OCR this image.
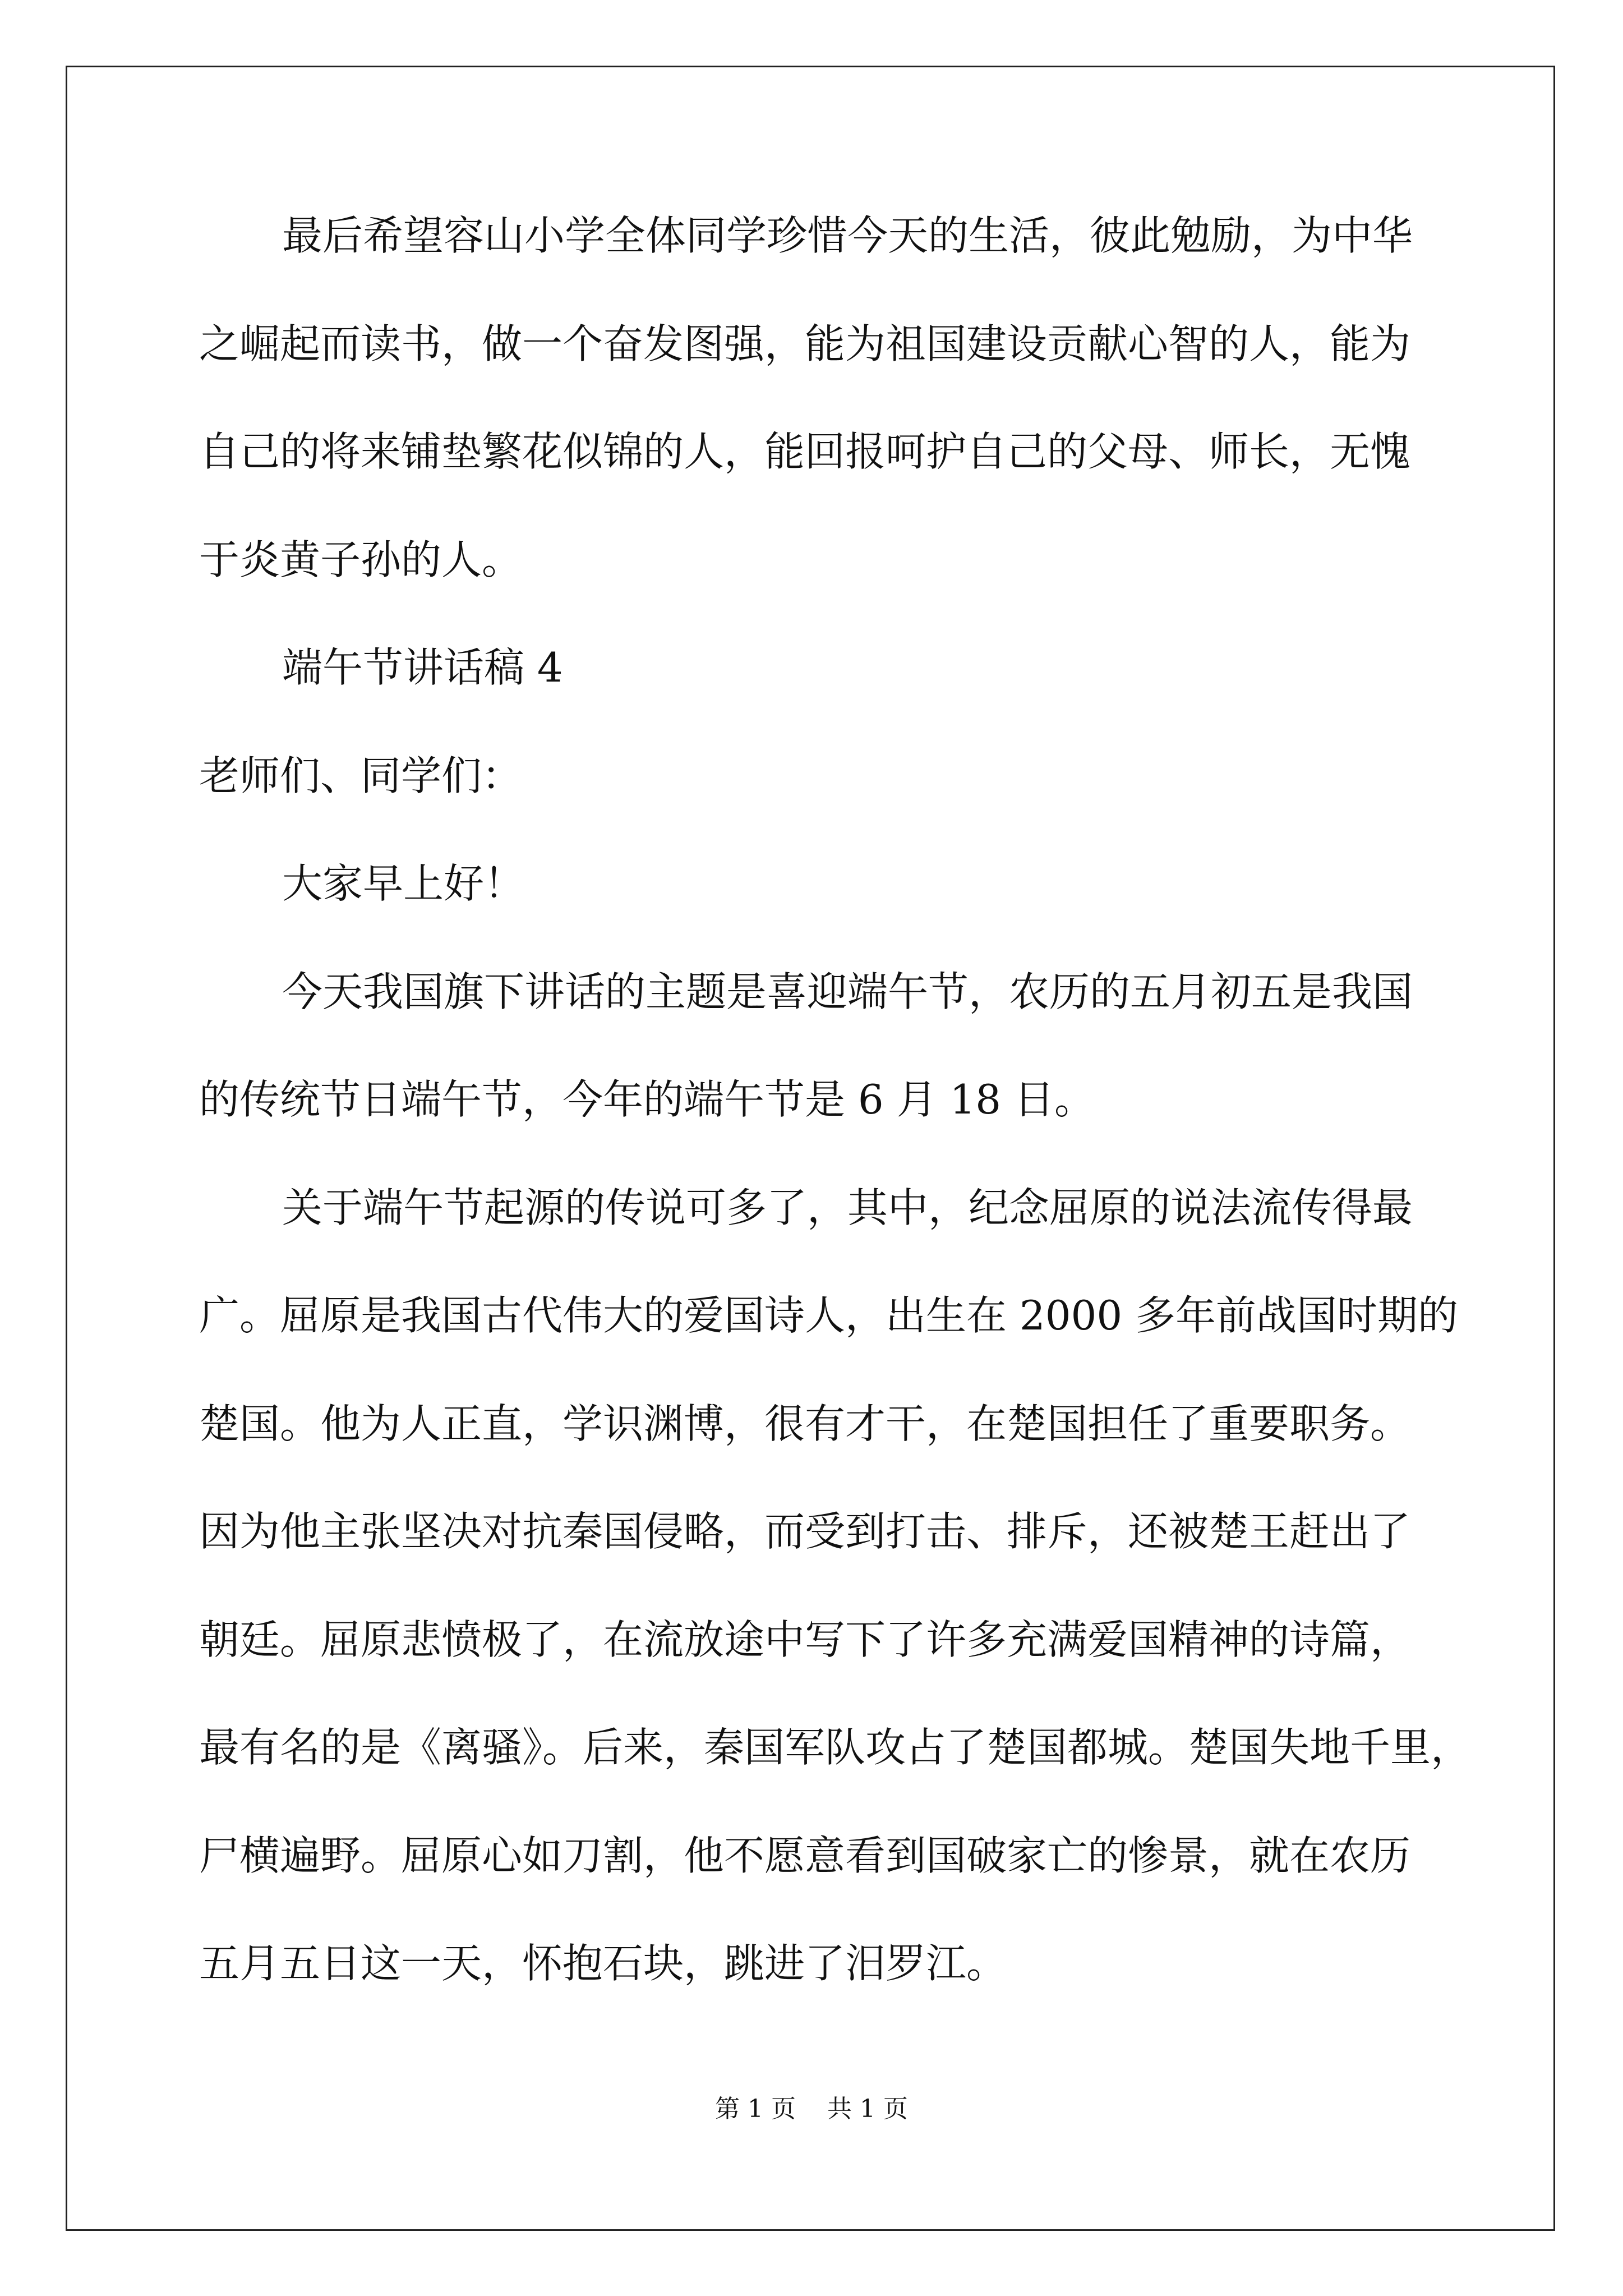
最后希望容山小学全体同学珍惜今天的生活，彼此勉励，为中华
之崛起而读书，做一个奋发图强，能为祖国建设贡献心智的人，能为
自己的将来铺垫繁花似锦的人，能回报呵护自己的父母、师长，无愧
于炎黄子孙的人。
端午节讲话稿 4
老师们、同学们：
大家早上好！
今天我国旗下讲话的主题是喜迎端午节，农历的五月初五是我国
的传统节日端午节，今年的端午节是 6 月 18 日。
关于端午节起源的传说可多了，其中，纪念屈原的说法流传得最
广。屈原是我国古代伟大的爱国诗人，出生在 2000 多年前战国时期的
楚国。他为人正直，学识渊博，很有才干，在楚国担任了重要职务。
因为他主张坚决对抗秦国侵略，而受到打击、排斥，还被楚王赶出了
朝廷。屈原悲愤极了，在流放途中写下了许多充满爱国精神的诗篇，
最有名的是《离骚》。后来，秦国军队攻占了楚国都城。楚国失地千里，
尸横遍野。屈原心如刀割，他不愿意看到国破家亡的惨景，就在农历
五月五日这一天，怀抱石块，跳进了汨罗江。
第 1 页    共 1 页
